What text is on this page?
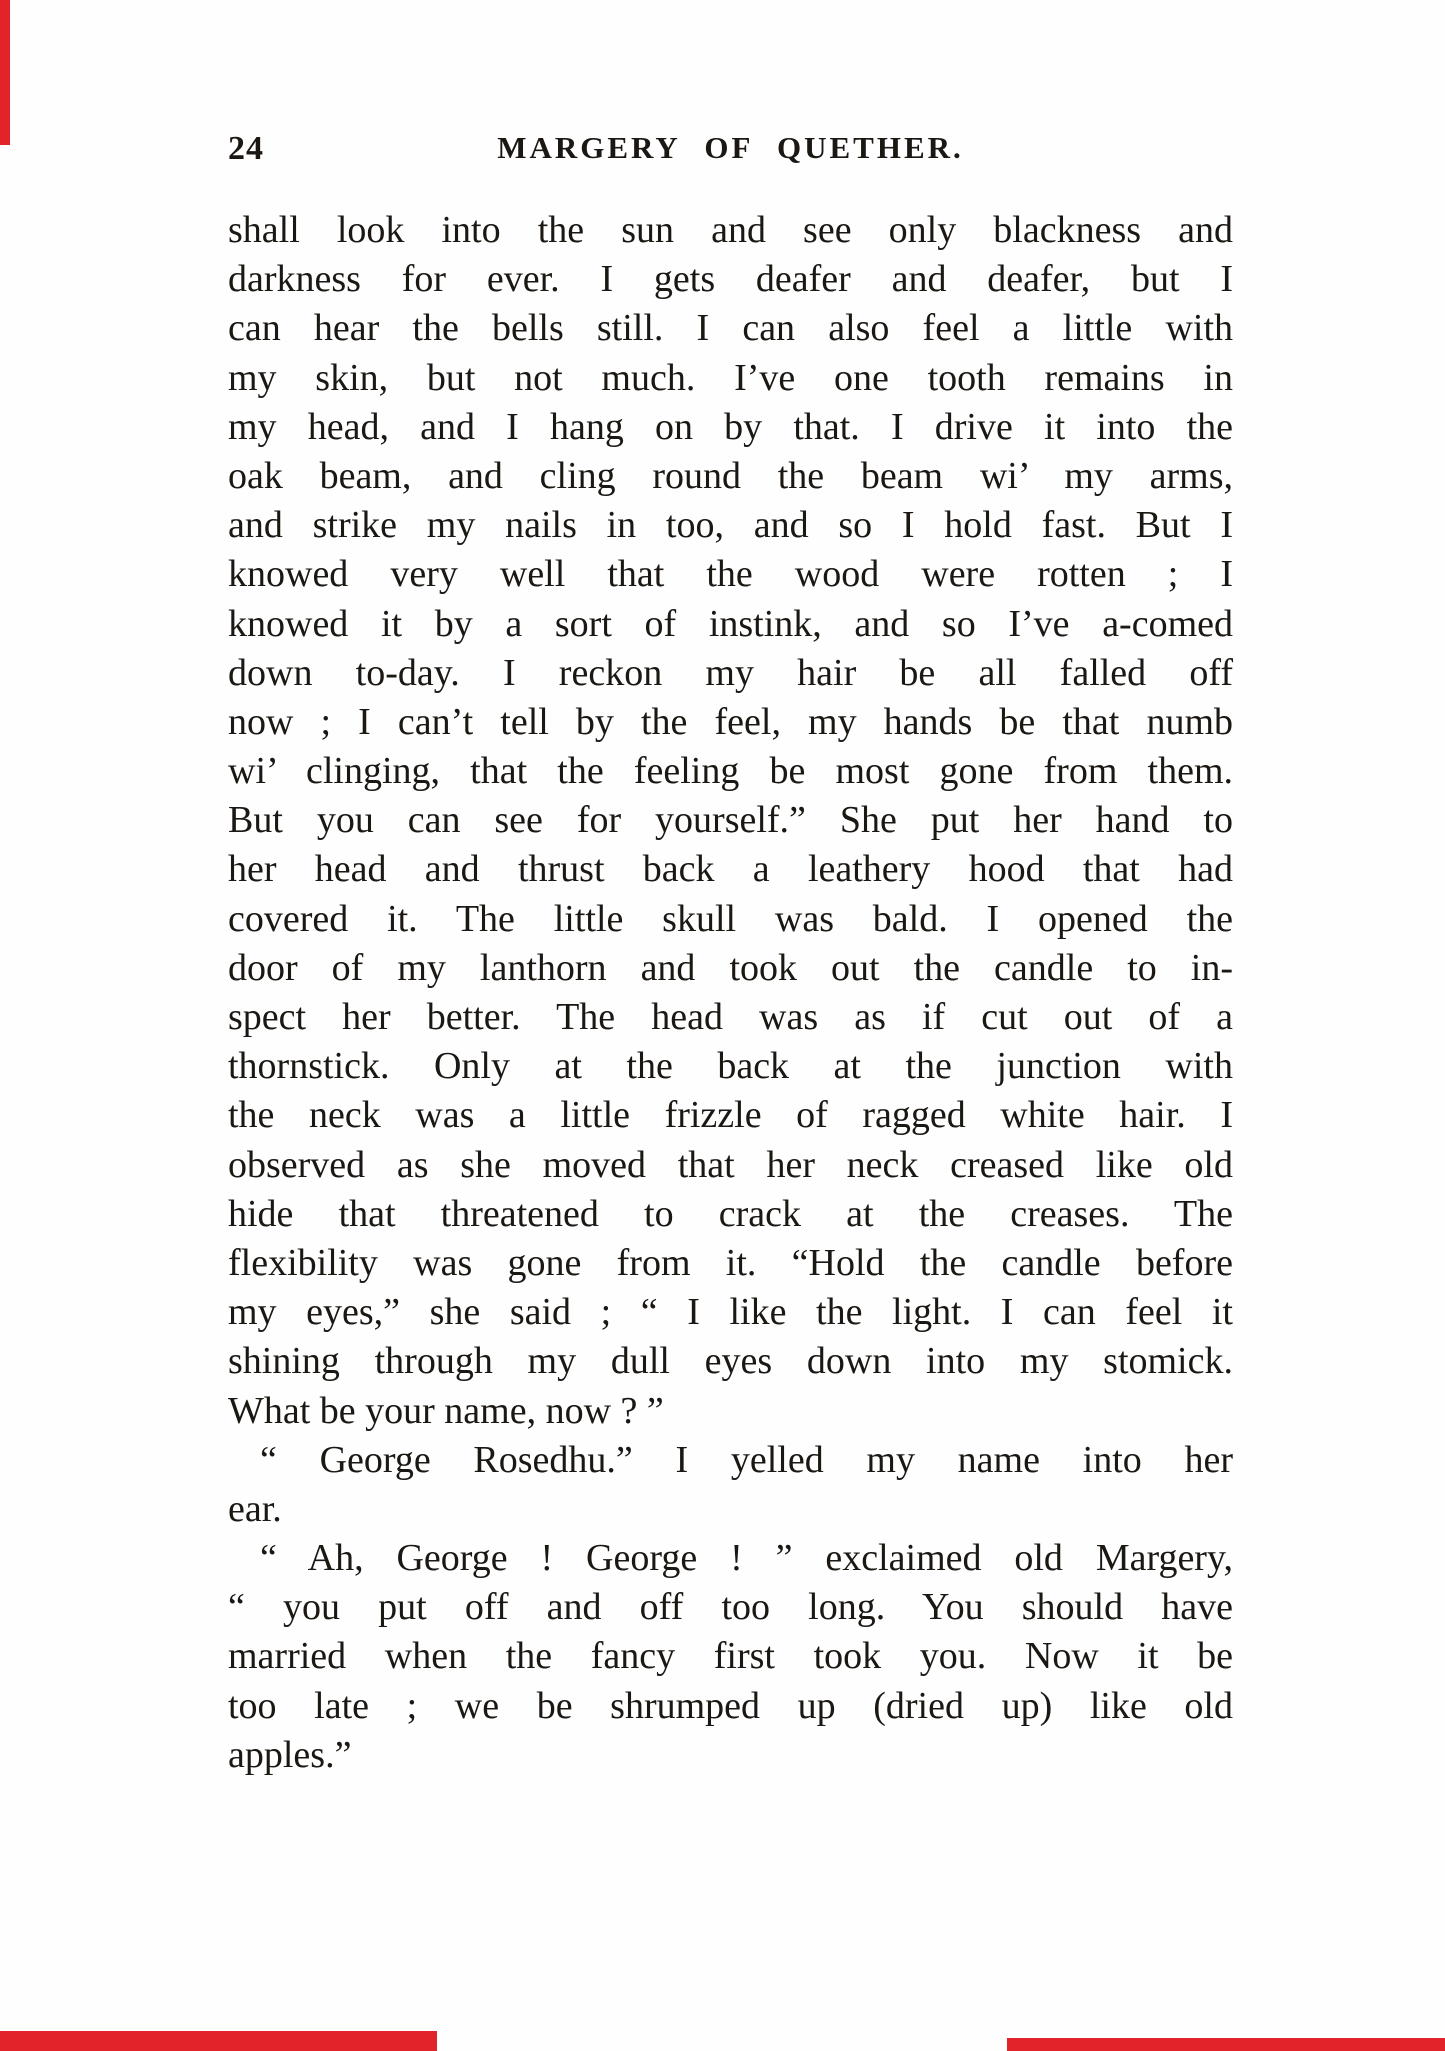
24	MARGERY OF QUETHER.
shall look into the sun and see only blackness and
darkness for ever. I gets deafer and deafer, but I
can hear the bells still. I can also feel a little with
my skin, but not much. I’ve one tooth remains in
my head, and I hang on by that. I drive it into the
oak beam, and cling round the beam wi’ my arms,
and strike my nails in too, and so I hold fast. But I
knowed very well that the wood were rotten ; I
knowed it by a sort of instink, and so I’ve a-comed
down to-day. I reckon my hair be all falled off
now ; I can’t tell by the feel, my hands be that numb
wi’ clinging, that the feeling be most gone from them.
But you can see for yourself.” She put her hand to
her head and thrust back a leathery hood that had
covered it. The little skull was bald. I opened the
door of my lanthorn and took out the candle to in-
spect her better. The head was as if cut out of a
thornstick. Only at the back at the junction with
the neck was a little frizzle of ragged white hair. I
observed as she moved that her neck creased like old
hide that threatened to crack at the creases. The
flexibility was gone from it. “Hold the candle before
my eyes,” she said ; “ I like the light. I can feel it
shining through my dull eyes down into my stomick.
What be your name, now ? ”
“ George Rosedhu.” I yelled my name into her
ear.
“ Ah, George ! George ! ” exclaimed old Margery,
“ you put off and off too long. You should have
married when the fancy first took you. Now it be
too late ; we be shrumped up (dried up) like old
apples.”
